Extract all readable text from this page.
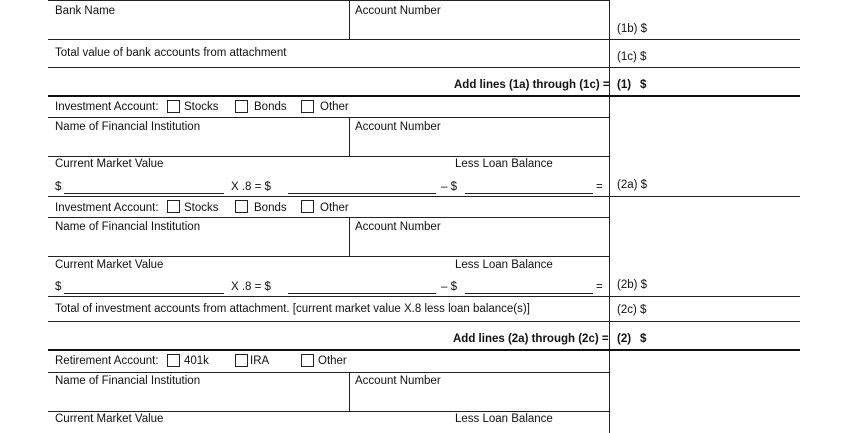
Bank Name	Account Number
(1b) $
Total value of bank accounts from attachment	(1c) $
Add lines (1a) through (1c) = (1) $
Investment Account: Stocks	Bonds	Other
Name of Financial Institution	Account Number
Current Market Value	Less Loan Balance
$	X .8 = $	– $	= (2a) $
Investment Account: Stocks	Bonds	Other
Name of Financial Institution	Account Number
Current Market Value	Less Loan Balance
$	X .8 = $	– $	= (2b) $
Total of investment accounts from attachment. [current market value X.8 less loan balance(s)]	(2c) $
Add lines (2a) through (2c) = (2) $
Retirement Account: 401k	IRA	Other
Name of Financial Institution	Account Number
Current Market Value	Less Loan Balance
